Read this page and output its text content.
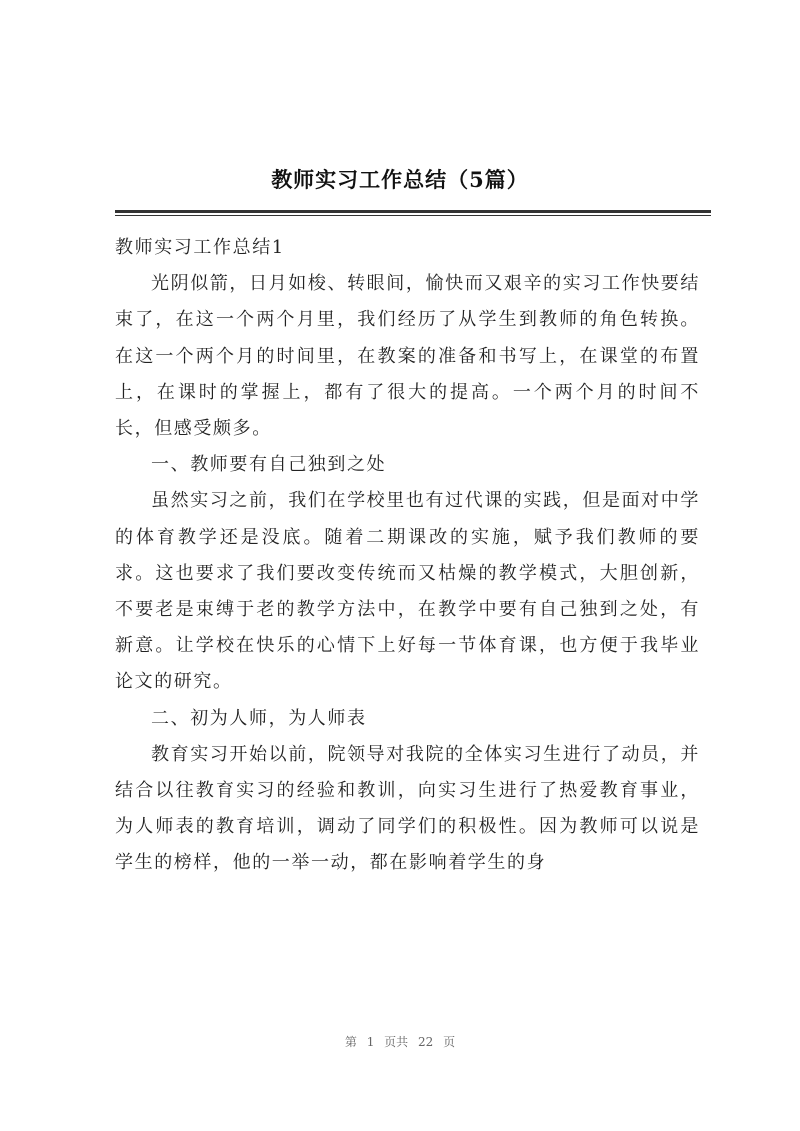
教师实习工作总结（5篇）

教师实习工作总结1

光阴似箭，日月如梭、转眼间，愉快而又艰辛的实习工作快要结束了，在这一个两个月里，我们经历了从学生到教师的角色转换。在这一个两个月的时间里，在教案的准备和书写上，在课堂的布置上，在课时的掌握上，都有了很大的提高。一个两个月的时间不长，但感受颇多。

一、教师要有自己独到之处

虽然实习之前，我们在学校里也有过代课的实践，但是面对中学的体育教学还是没底。随着二期课改的实施，赋予我们教师的要求。这也要求了我们要改变传统而又枯燥的教学模式，大胆创新，不要老是束缚于老的教学方法中，在教学中要有自己独到之处，有新意。让学校在快乐的心情下上好每一节体育课，也方便于我毕业论文的研究。

二、初为人师，为人师表

教育实习开始以前，院领导对我院的全体实习生进行了动员，并结合以往教育实习的经验和教训，向实习生进行了热爱教育事业，为人师表的教育培训，调动了同学们的积极性。因为教师可以说是学生的榜样，他的一举一动，都在影响着学生的身

第 1 页共 22 页
